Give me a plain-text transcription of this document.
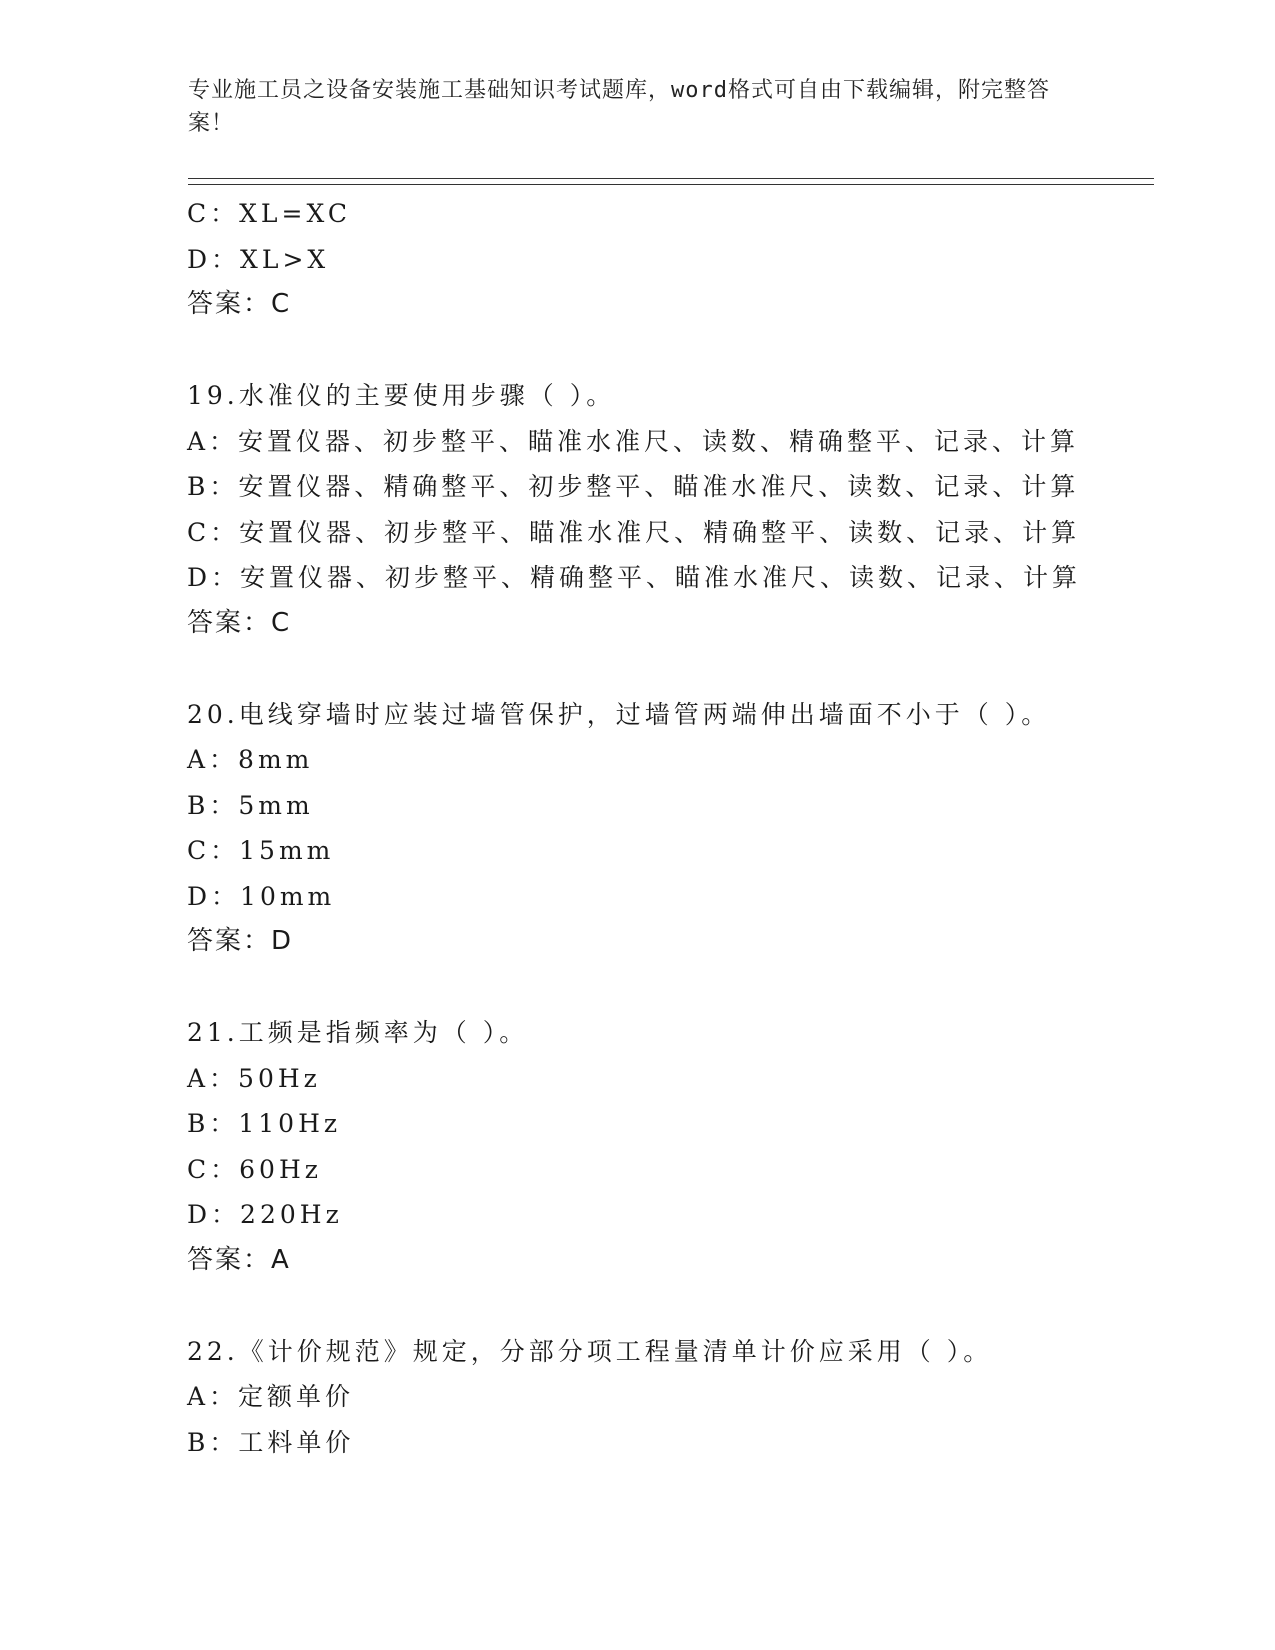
专业施工员之设备安装施工基础知识考试题库，word格式可自由下载编辑，附完整答案！
C：XL=XC
D：XL>X
答案：C
19.水准仪的主要使用步骤（ ）。
A：安置仪器、初步整平、瞄准水准尺、读数、精确整平、记录、计算
B：安置仪器、精确整平、初步整平、瞄准水准尺、读数、记录、计算
C：安置仪器、初步整平、瞄准水准尺、精确整平、读数、记录、计算
D：安置仪器、初步整平、精确整平、瞄准水准尺、读数、记录、计算
答案：C
20.电线穿墙时应装过墙管保护，过墙管两端伸出墙面不小于（ ）。
A：8mm
B：5mm
C：15mm
D：10mm
答案：D
21.工频是指频率为（ ）。
A：50Hz
B：110Hz
C：60Hz
D：220Hz
答案：A
22.《计价规范》规定，分部分项工程量清单计价应采用（ ）。
A：定额单价
B：工料单价
